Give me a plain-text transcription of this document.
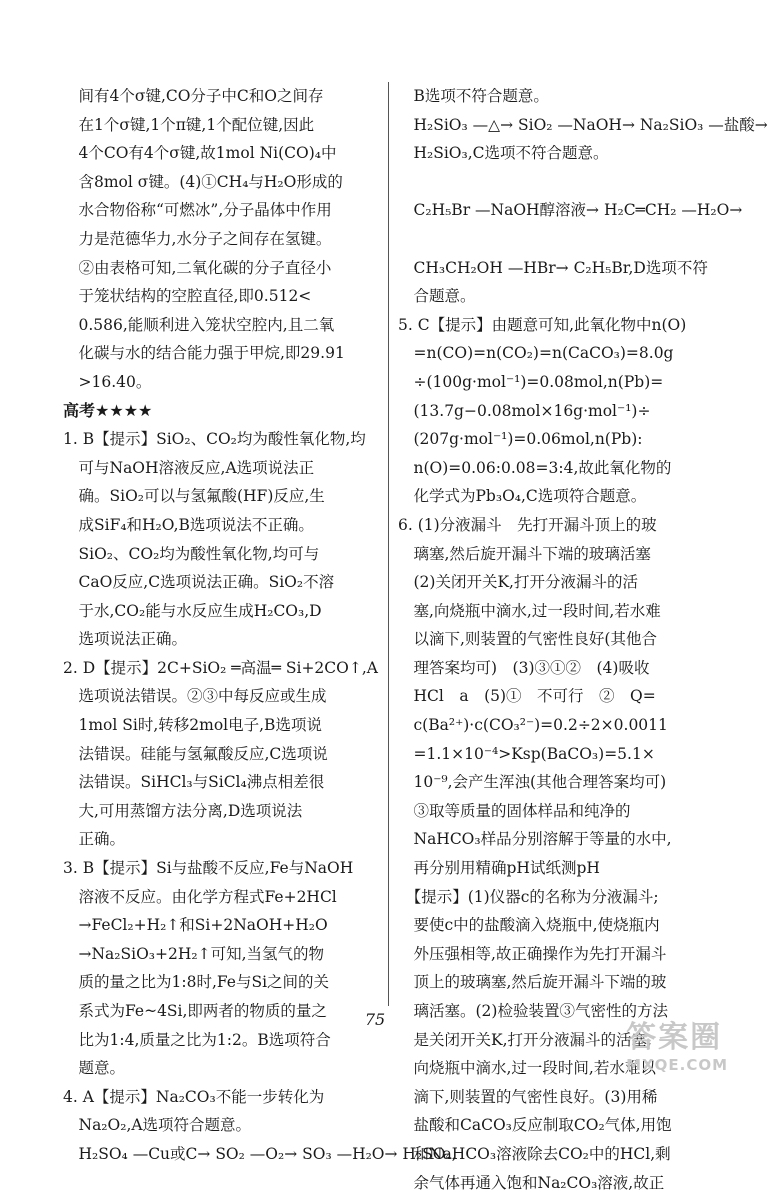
　间有4个σ键,CO分子中C和O之间存
　在1个σ键,1个π键,1个配位键,因此
　4个CO有4个σ键,故1mol Ni(CO)₄中
　含8mol σ键。(4)①CH₄与H₂O形成的
　水合物俗称“可燃冰”,分子晶体中作用
　力是范德华力,水分子之间存在氢键。
　②由表格可知,二氧化碳的分子直径小
　于笼状结构的空腔直径,即0.512<
　0.586,能顺利进入笼状空腔内,且二氧
　化碳与水的结合能力强于甲烷,即29.91
　>16.40。
高考★★★★
1. B【提示】SiO₂、CO₂均为酸性氧化物,均
　可与NaOH溶液反应,A选项说法正
　确。SiO₂可以与氢氟酸(HF)反应,生
　成SiF₄和H₂O,B选项说法不正确。
　SiO₂、CO₂均为酸性氧化物,均可与
　CaO反应,C选项说法正确。SiO₂不溶
　于水,CO₂能与水反应生成H₂CO₃,D
　选项说法正确。
2. D【提示】2C+SiO₂ ═高温═ Si+2CO↑,A
　选项说法错误。②③中每反应或生成
　1mol Si时,转移2mol电子,B选项说
　法错误。硅能与氢氟酸反应,C选项说
　法错误。SiHCl₃与SiCl₄沸点相差很
　大,可用蒸馏方法分离,D选项说法
　正确。
3. B【提示】Si与盐酸不反应,Fe与NaOH
　溶液不反应。由化学方程式Fe+2HCl
　→FeCl₂+H₂↑和Si+2NaOH+H₂O
　→Na₂SiO₃+2H₂↑可知,当氢气的物
　质的量之比为1:8时,Fe与Si之间的关
　系式为Fe~4Si,即两者的物质的量之
　比为1:4,质量之比为1:2。B选项符合
　题意。
4. A【提示】Na₂CO₃不能一步转化为
　Na₂O₂,A选项符合题意。
　H₂SO₄ —Cu或C→ SO₂ —O₂→ SO₃ —H₂O→ H₂SO₄,
　B选项不符合题意。
　H₂SiO₃ —△→ SiO₂ —NaOH→ Na₂SiO₃ —盐酸→
　H₂SiO₃,C选项不符合题意。
　C₂H₅Br —NaOH醇溶液→ H₂C═CH₂ —H₂O→
　CH₃CH₂OH —HBr→ C₂H₅Br,D选项不符
　合题意。
5. C【提示】由题意可知,此氧化物中n(O)
　=n(CO)=n(CO₂)=n(CaCO₃)=8.0g
　÷(100g·mol⁻¹)=0.08mol,n(Pb)=
　(13.7g−0.08mol×16g·mol⁻¹)÷
　(207g·mol⁻¹)=0.06mol,n(Pb):
　n(O)=0.06:0.08=3:4,故此氧化物的
　化学式为Pb₃O₄,C选项符合题意。
6. (1)分液漏斗　先打开漏斗顶上的玻
　璃塞,然后旋开漏斗下端的玻璃活塞
　(2)关闭开关K,打开分液漏斗的活
　塞,向烧瓶中滴水,过一段时间,若水难
　以滴下,则装置的气密性良好(其他合
　理答案均可)　(3)③①②　(4)吸收
　HCl　a　(5)①　不可行　②　Q=
　c(Ba²⁺)·c(CO₃²⁻)=0.2÷2×0.0011
　=1.1×10⁻⁴>Ksp(BaCO₃)=5.1×
　10⁻⁹,会产生浑浊(其他合理答案均可)
　③取等质量的固体样品和纯净的
　NaHCO₃样品分别溶解于等量的水中,
　再分别用精确pH试纸测pH
　【提示】(1)仪器c的名称为分液漏斗;
　要使c中的盐酸滴入烧瓶中,使烧瓶内
　外压强相等,故正确操作为先打开漏斗
　顶上的玻璃塞,然后旋开漏斗下端的玻
　璃活塞。(2)检验装置③气密性的方法
　是关闭开关K,打开分液漏斗的活塞,
　向烧瓶中滴水,过一段时间,若水难以
　滴下,则装置的气密性良好。(3)用稀
　盐酸和CaCO₃反应制取CO₂气体,用饱
　和NaHCO₃溶液除去CO₂中的HCl,剩
　余气体再通入饱和Na₂CO₃溶液,故正
75
答案圈
MXQE.COM
